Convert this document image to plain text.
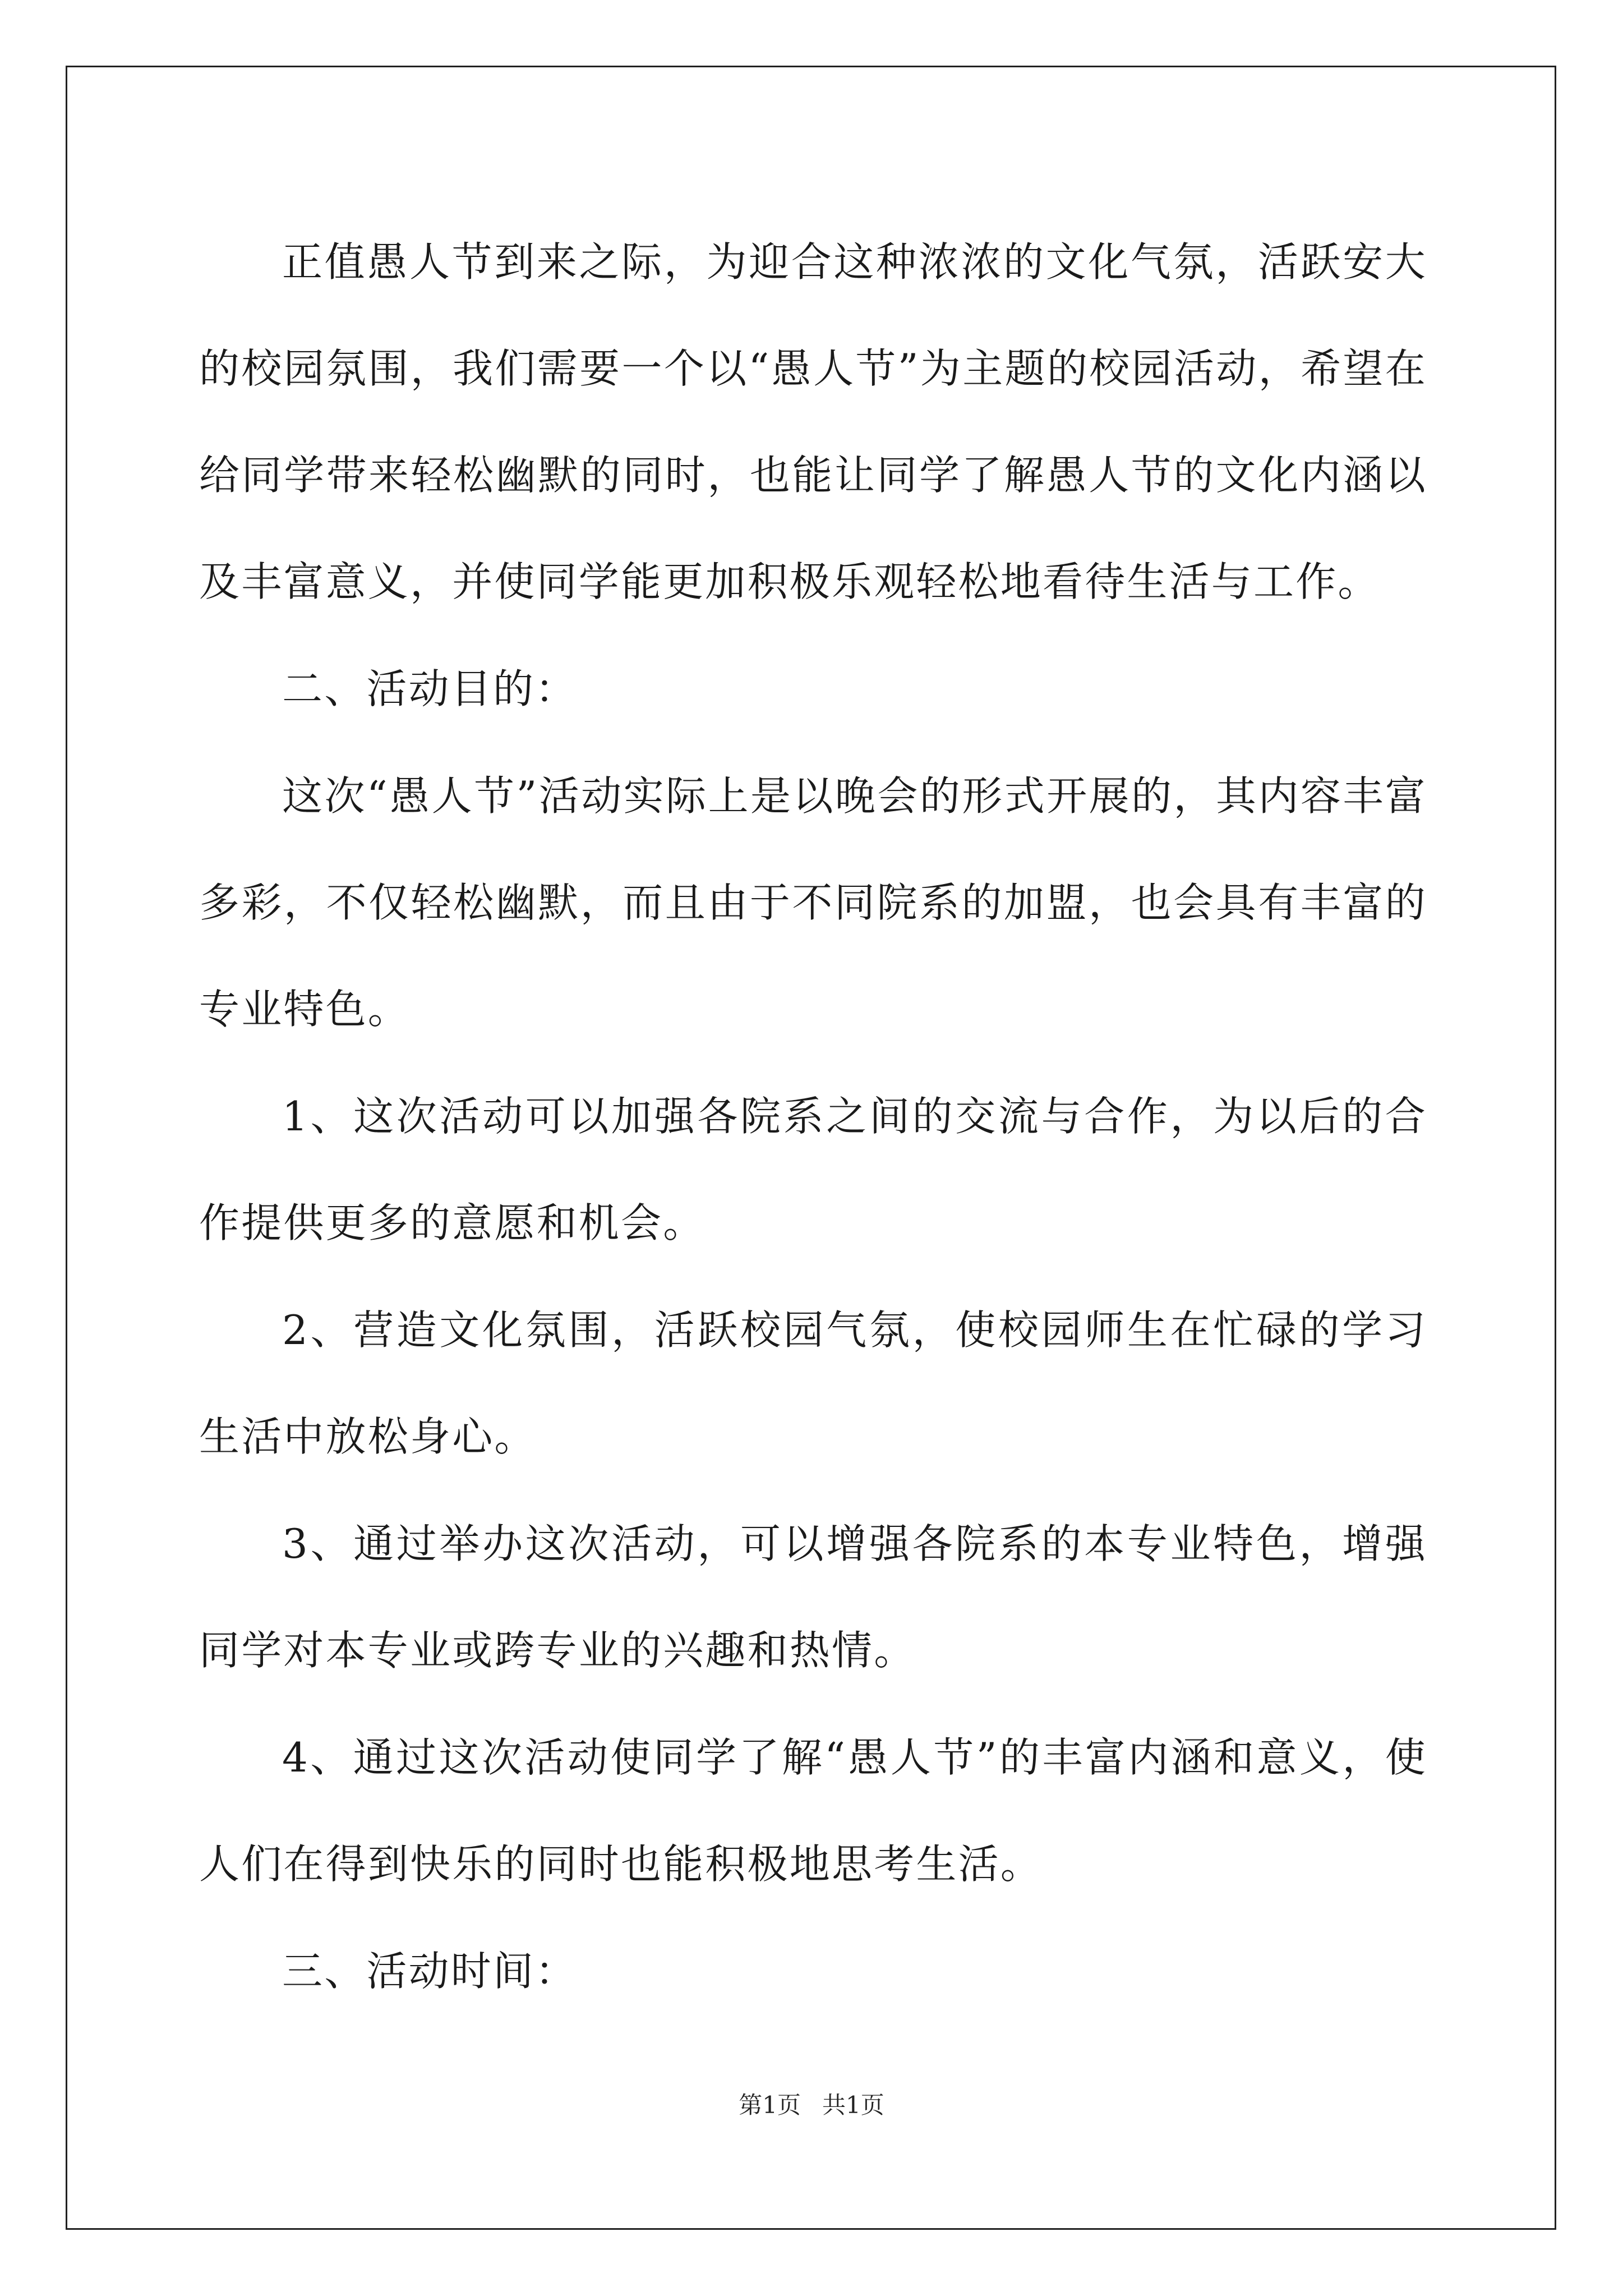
正值愚人节到来之际，为迎合这种浓浓的文化气氛，活跃安大的校园氛围，我们需要一个以“愚人节”为主题的校园活动，希望在给同学带来轻松幽默的同时，也能让同学了解愚人节的文化内涵以及丰富意义，并使同学能更加积极乐观轻松地看待生活与工作。

二、活动目的：

这次“愚人节”活动实际上是以晚会的形式开展的，其内容丰富多彩，不仅轻松幽默，而且由于不同院系的加盟，也会具有丰富的专业特色。

1、这次活动可以加强各院系之间的交流与合作，为以后的合作提供更多的意愿和机会。

2、营造文化氛围，活跃校园气氛，使校园师生在忙碌的学习生活中放松身心。

3、通过举办这次活动，可以增强各院系的本专业特色，增强同学对本专业或跨专业的兴趣和热情。

4、通过这次活动使同学了解“愚人节”的丰富内涵和意义，使人们在得到快乐的同时也能积极地思考生活。

三、活动时间：

第1页 共1页
